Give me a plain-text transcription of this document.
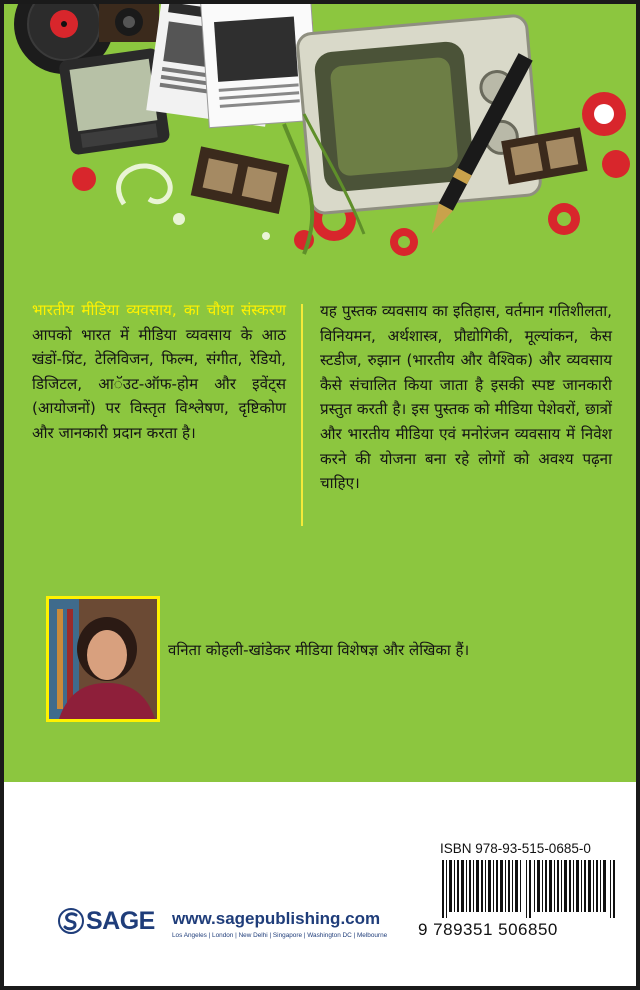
भारतीय मीडिया व्यवसाय, का चौथा संस्करण आपको भारत में मीडिया व्यवसाय के आठ खंडों-प्रिंट, टेलिविजन, फिल्म, संगीत, रेडियो, डिजिटल, आॅउट-ऑफ-होम और इवेंट्स (आयोजनों) पर विस्तृत विश्लेषण, दृष्टिकोण और जानकारी प्रदान करता है।
यह पुस्तक व्यवसाय का इतिहास, वर्तमान गतिशीलता, विनियमन, अर्थशास्त्र, प्रौद्योगिकी, मूल्यांकन, केस स्टडीज, रुझान (भारतीय और वैश्विक) और व्यवसाय कैसे संचालित किया जाता है इसकी स्पष्ट जानकारी प्रस्तुत करती है। इस पुस्तक को मीडिया पेशेवरों, छात्रों और भारतीय मीडिया एवं मनोरंजन व्यवसाय में निवेश करने की योजना बना रहे लोगों को अवश्य पढ़ना चाहिए।
वनिता कोहली-खांडेकर मीडिया विशेषज्ञ और लेखिका हैं।
ISBN 978-93-515-0685-0
9 789351 506850
SAGE www.sagepublishing.com
Los Angeles | London | New Delhi | Singapore | Washington DC | Melbourne
